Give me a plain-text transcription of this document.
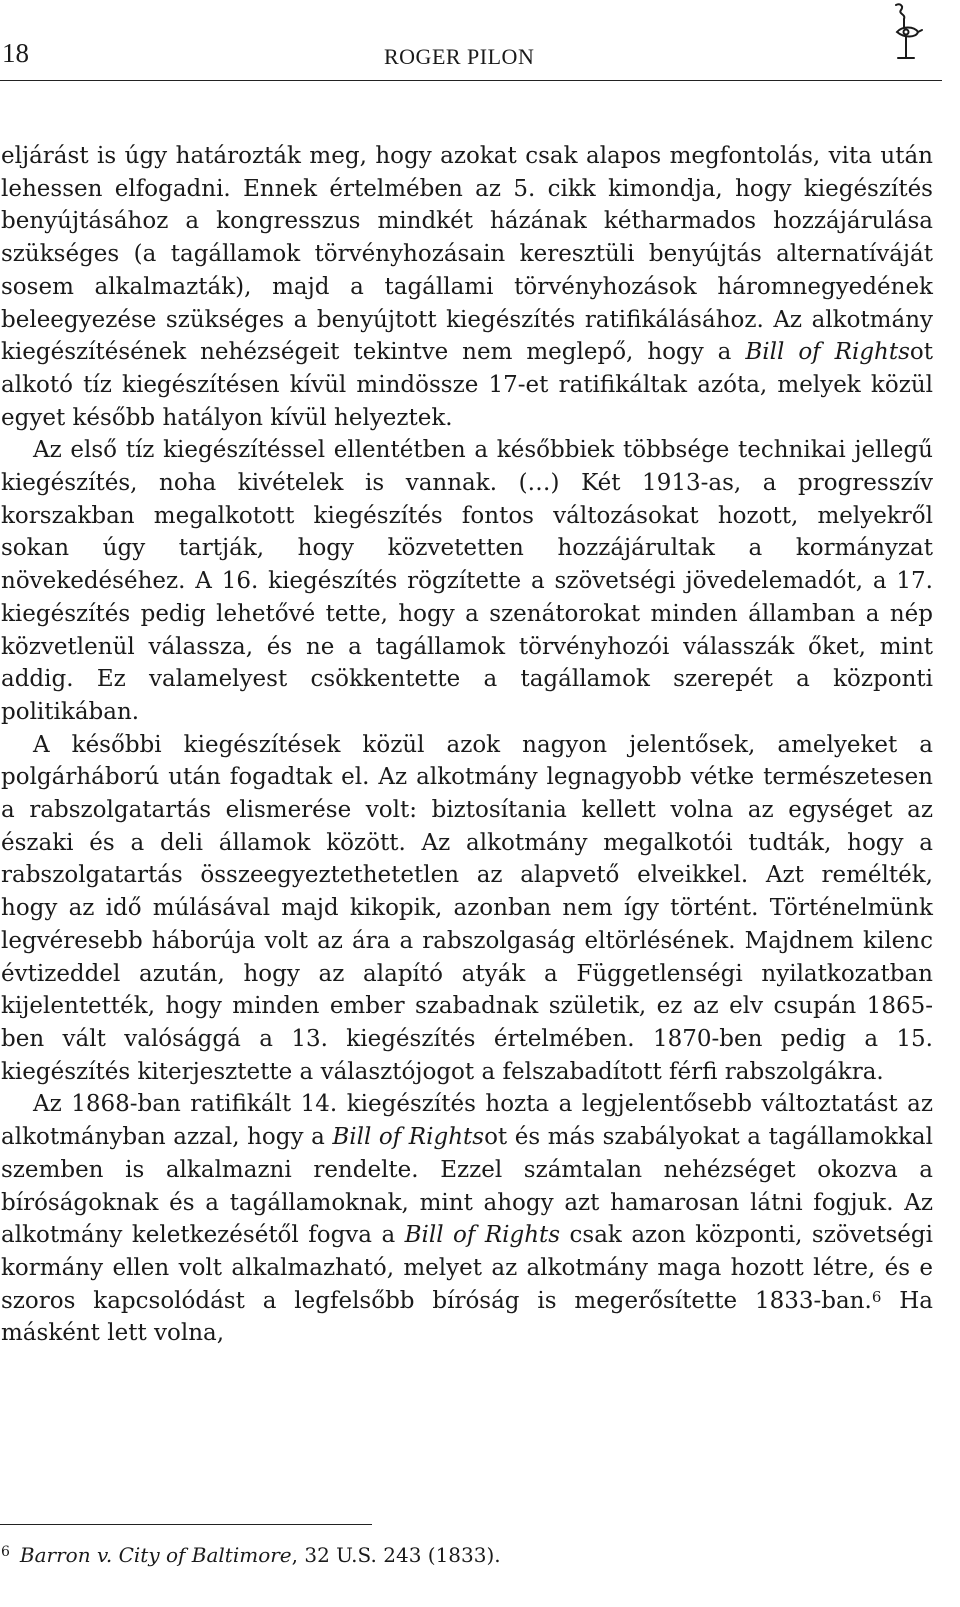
18	ROGER PILON

eljárást is úgy határozták meg, hogy azokat csak alapos megfontolás, vita után lehessen elfogadni. Ennek értelmében az 5. cikk kimondja, hogy kiegészítés benyújtásához a kongresszus mindkét házának kétharmados hozzájárulása szükséges (a tagállamok törvényhozásain keresztüli benyújtás alternatíváját sosem alkalmazták), majd a tagállami törvényhozások háromnegyedének beleegyezése szükséges a benyújtott kiegészítés ratifikálásához. Az alkotmány kiegészítésének nehézségeit tekintve nem meglepő, hogy a Bill of Rightsot alkotó tíz kiegészítésen kívül mindössze 17-et ratifikáltak azóta, melyek közül egyet később hatályon kívül helyeztek.

Az első tíz kiegészítéssel ellentétben a későbbiek többsége technikai jellegű kiegészítés, noha kivételek is vannak. (…) Két 1913-as, a progresszív korszakban megalkotott kiegészítés fontos változásokat hozott, melyekről sokan úgy tartják, hogy közvetetten hozzájárultak a kormányzat növekedéséhez. A 16. kiegészítés rögzítette a szövetségi jövedelemadót, a 17. kiegészítés pedig lehetővé tette, hogy a szenátorokat minden államban a nép közvetlenül válassza, és ne a tagállamok törvényhozói válasszák őket, mint addig. Ez valamelyest csökkentette a tagállamok szerepét a központi politikában.

A későbbi kiegészítések közül azok nagyon jelentősek, amelyeket a polgárháború után fogadtak el. Az alkotmány legnagyobb vétke természetesen a rabszolgatartás elismerése volt: biztosítania kellett volna az egységet az északi és a deli államok között. Az alkotmány megalkotói tudták, hogy a rabszolgatartás összeegyeztethetetlen az alapvető elveikkel. Azt remélték, hogy az idő múlásával majd kikopik, azonban nem így történt. Történelmünk legvéresebb háborúja volt az ára a rabszolgaság eltörlésének. Majdnem kilenc évtizeddel azután, hogy az alapító atyák a Függetlenségi nyilatkozatban kijelentették, hogy minden ember szabadnak születik, ez az elv csupán 1865-ben vált valósággá a 13. kiegészítés értelmében. 1870-ben pedig a 15. kiegészítés kiterjesztette a választójogot a felszabadított férfi rabszolgákra.

Az 1868-ban ratifikált 14. kiegészítés hozta a legjelentősebb változtatást az alkotmányban azzal, hogy a Bill of Rightsot és más szabályokat a tagállamokkal szemben is alkalmazni rendelte. Ezzel számtalan nehézséget okozva a bíróságoknak és a tagállamoknak, mint ahogy azt hamarosan látni fogjuk. Az alkotmány keletkezésétől fogva a Bill of Rights csak azon központi, szövetségi kormány ellen volt alkalmazható, melyet az alkotmány maga hozott létre, és e szoros kapcsolódást a legfelsőbb bíróság is megerősítette 1833-ban.$^6$ Ha másként lett volna,

$^6$ Barron v. City of Baltimore, 32 U.S. 243 (1833).
